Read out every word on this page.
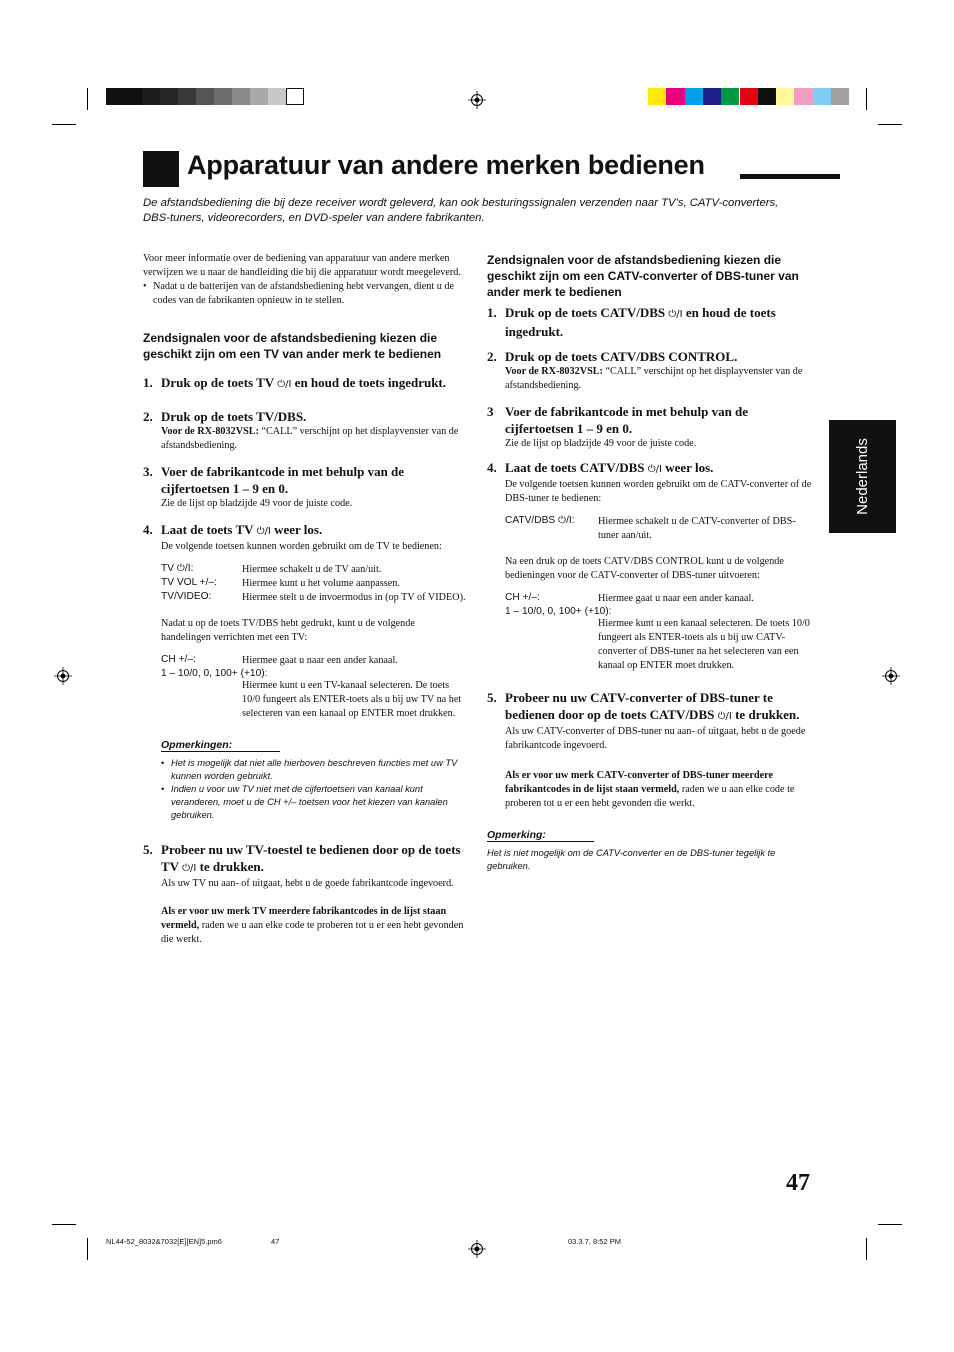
Apparatuur van andere merken bedienen
De afstandsbediening die bij deze receiver wordt geleverd, kan ook besturingssignalen verzenden naar TV’s, CATV-converters, DBS-tuners, videorecorders, en DVD-speler van andere fabrikanten.
Voor meer informatie over de bediening van apparatuur van andere merken verwijzen we u naar de handleiding die bij die apparatuur wordt meegeleverd.
• Nadat u de batterijen van de afstandsbediening hebt vervangen, dient u de codes van de fabrikanten opnieuw in te stellen.
Zendsignalen voor de afstandsbediening kiezen die geschikt zijn om een TV van ander merk te bedienen
1. Druk op de toets TV ⏻/I en houd de toets ingedrukt.
2. Druk op de toets TV/DBS.
Voor de RX-8032VSL: “CALL” verschijnt op het displayvenster van de afstandsbediening.
3. Voer de fabrikantcode in met behulp van de cijfertoetsen 1 – 9 en 0.
Zie de lijst op bladzijde 49 voor de juiste code.
4. Laat de toets TV ⏻/I weer los.
De volgende toetsen kunnen worden gebruikt om de TV te bedienen:
TV ⏻/I:	Hiermee schakelt u de TV aan/uit.
TV VOL +/–:	Hiermee kunt u het volume aanpassen.
TV/VIDEO:	Hiermee stelt u de invoermodus in (op TV of VIDEO).
Nadat u op de toets TV/DBS hebt gedrukt, kunt u de volgende handelingen verrichten met een TV:
CH +/–:	Hiermee gaat u naar een ander kanaal.
1 – 10/0, 0, 100+ (+10):
Hiermee kunt u een TV-kanaal selecteren. De toets 10/0 fungeert als ENTER-toets als u bij uw TV na het selecteren van een kanaal op ENTER moet drukken.
Opmerkingen:
• Het is mogelijk dat niet alle hierboven beschreven functies met uw TV kunnen worden gebruikt.
• Indien u voor uw TV niet met de cijfertoetsen van kanaal kunt veranderen, moet u de CH +/– toetsen voor het kiezen van kanalen gebruiken.
5. Probeer nu uw TV-toestel te bedienen door op de toets TV ⏻/I te drukken.
Als uw TV nu aan- of uitgaat, hebt u de goede fabrikantcode ingevoerd.
Als er voor uw merk TV meerdere fabrikantcodes in de lijst staan vermeld, raden we u aan elke code te proberen tot u er een hebt gevonden die werkt.
Zendsignalen voor de afstandsbediening kiezen die geschikt zijn om een CATV-converter of DBS-tuner van ander merk te bedienen
1. Druk op de toets CATV/DBS ⏻/I en houd de toets ingedrukt.
2. Druk op de toets CATV/DBS CONTROL.
Voor de RX-8032VSL: “CALL” verschijnt op het displayvenster van de afstandsbediening.
3 Voer de fabrikantcode in met behulp van de cijfertoetsen 1 – 9 en 0.
Zie de lijst op bladzijde 49 voor de juiste code.
4. Laat de toets CATV/DBS ⏻/I weer los.
De volgende toetsen kunnen worden gebruikt om de CATV-converter of de DBS-tuner te bedienen:
CATV/DBS ⏻/I:	Hiermee schakelt u de CATV-converter of DBS-tuner aan/uit.
Na een druk op de toets CATV/DBS CONTROL kunt u de volgende bedieningen voor de CATV-converter of DBS-tuner uitvoeren:
CH +/–:	Hiermee gaat u naar een ander kanaal.
1 – 10/0, 0, 100+ (+10):
Hiermee kunt u een kanaal selecteren. De toets 10/0 fungeert als ENTER-toets als u bij uw CATV-converter of DBS-tuner na het selecteren van een kanaal op ENTER moet drukken.
5. Probeer nu uw CATV-converter of DBS-tuner te bedienen door op de toets CATV/DBS ⏻/I te drukken.
Als uw CATV-converter of DBS-tuner nu aan- of uitgaat, hebt u de goede fabrikantcode ingevoerd.
Als er voor uw merk CATV-converter of DBS-tuner meerdere fabrikantcodes in de lijst staan vermeld, raden we u aan elke code te proberen tot u er een hebt gevonden die werkt.
Opmerking:
Het is niet mogelijk om de CATV-converter en de DBS-tuner tegelijk te gebruiken.
Nederlands
47
NL44-52_8032&7032[E][EN]5.pm6	47	03.3.7, 8:52 PM
